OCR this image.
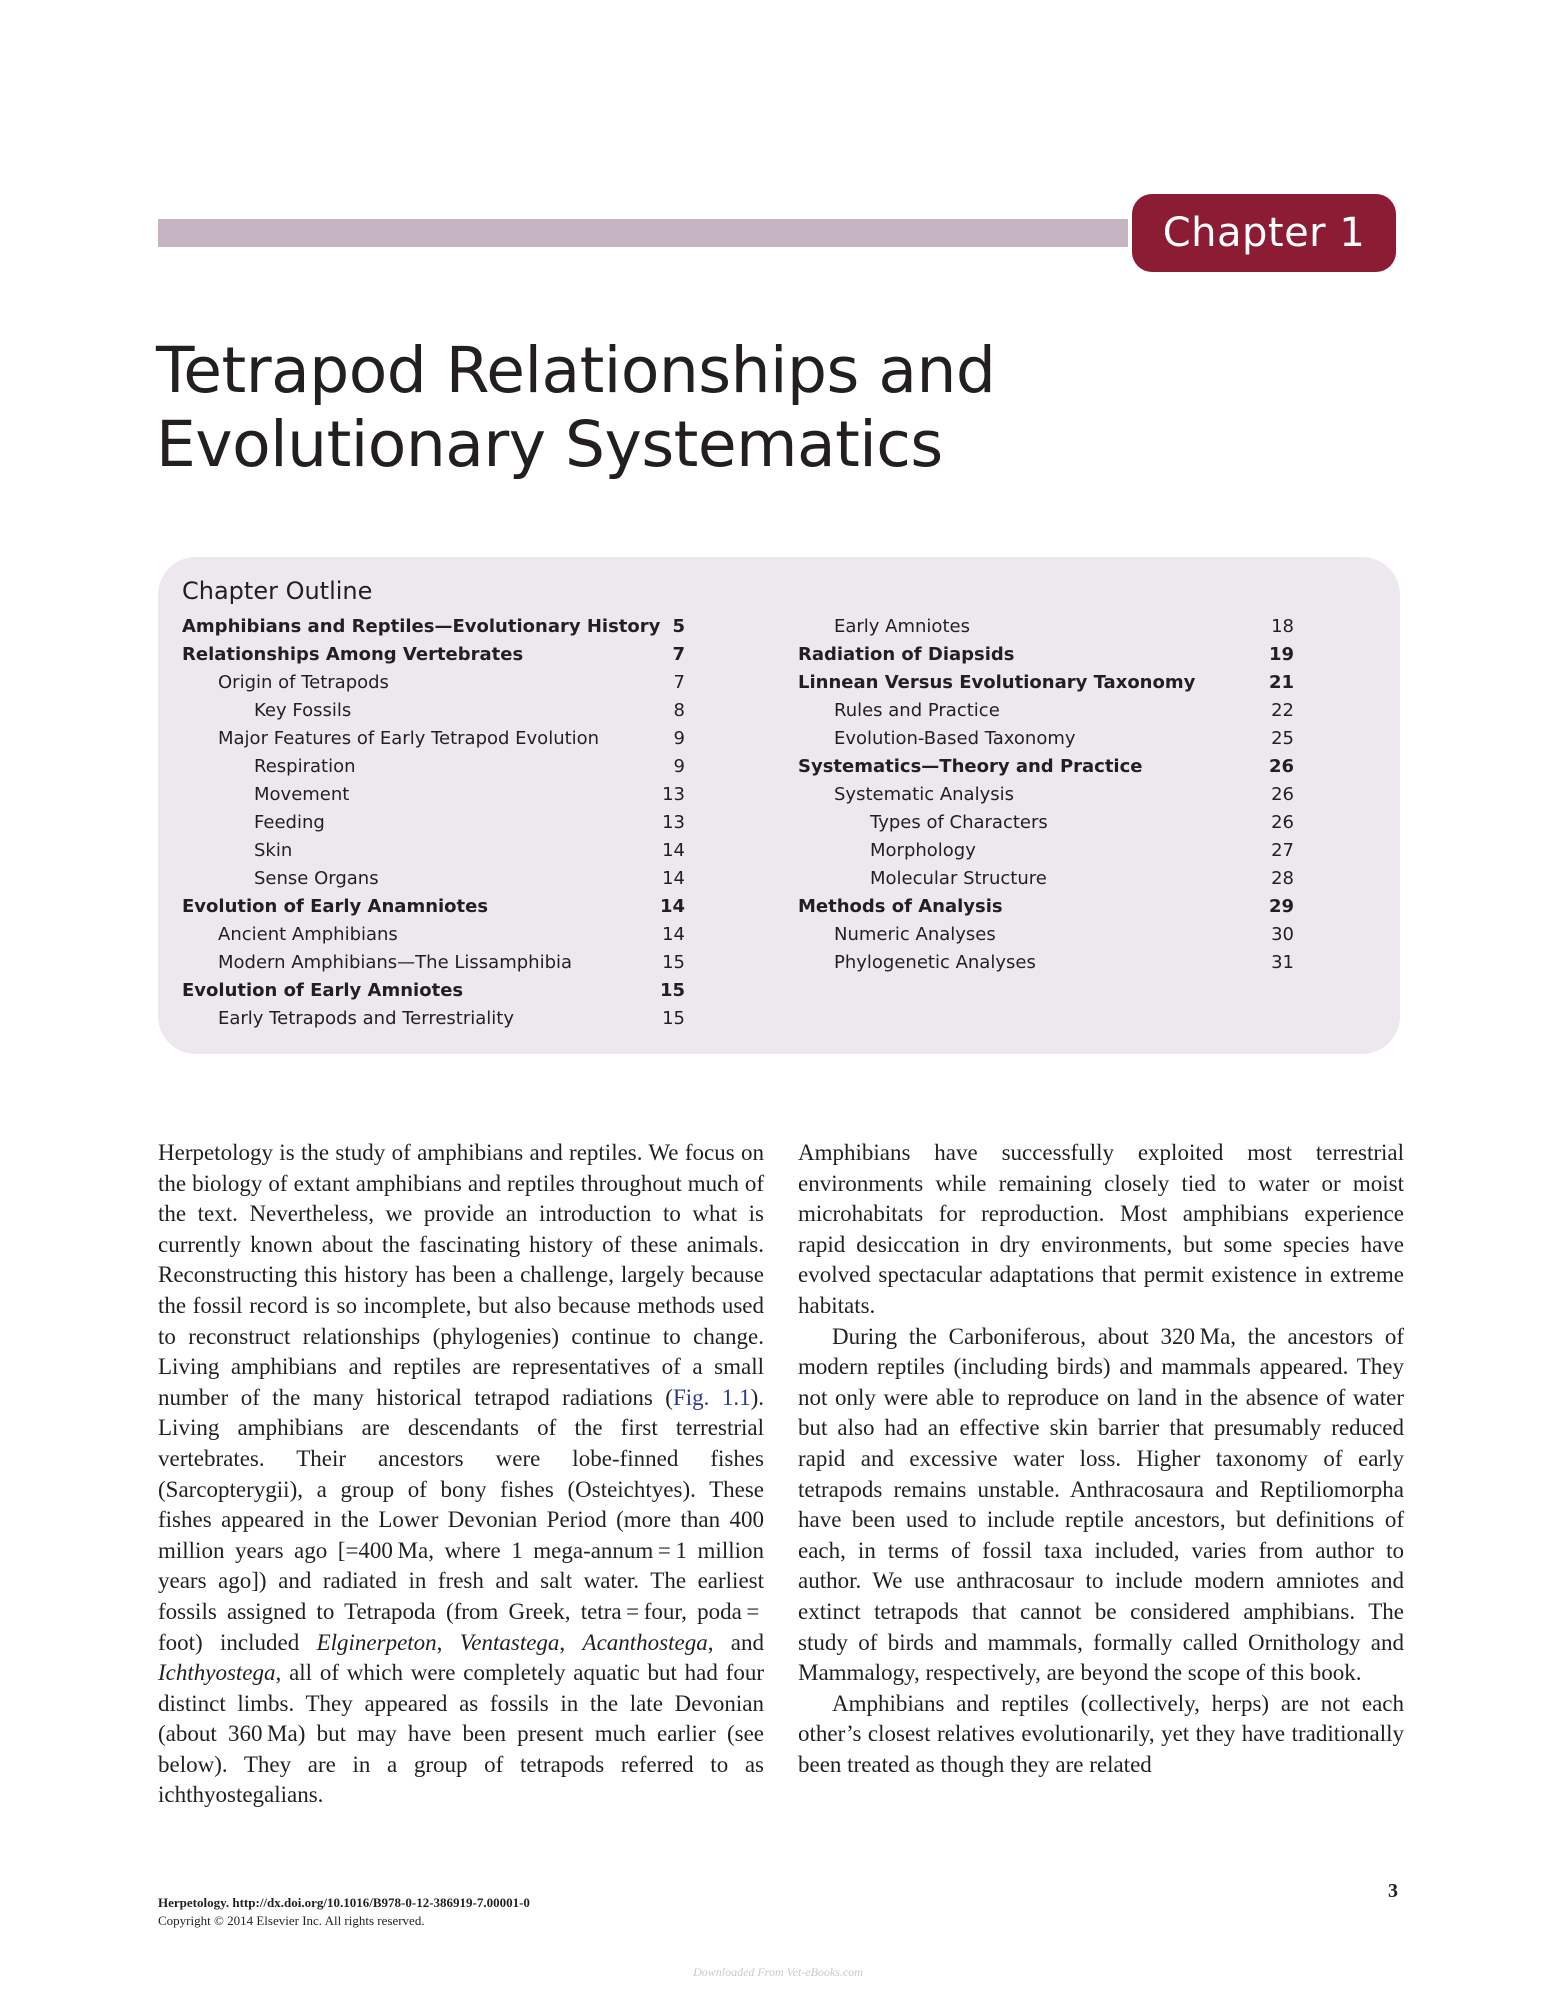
Chapter 1
Tetrapod Relationships and
Evolutionary Systematics
Chapter Outline
Amphibians and Reptiles—Evolutionary History 5
Relationships Among Vertebrates	7
Origin of Tetrapods	7
Key Fossils	8
Major Features of Early Tetrapod Evolution	9
Respiration	9
Movement	13
Feeding	13
Skin	14
Sense Organs	14
Evolution of Early Anamniotes	14
Ancient Amphibians	14
Modern Amphibians—The Lissamphibia	15
Evolution of Early Amniotes	15
Early Tetrapods and Terrestriality	15
Early Amniotes	18
Radiation of Diapsids	19
Linnean Versus Evolutionary Taxonomy	21
Rules and Practice	22
Evolution-Based Taxonomy	25
Systematics—Theory and Practice	26
Systematic Analysis	26
Types of Characters	26
Morphology	27
Molecular Structure	28
Methods of Analysis	29
Numeric Analyses	30
Phylogenetic Analyses	31

Herpetology is the study of amphibians and reptiles. We focus on the biology of extant amphibians and reptiles throughout much of the text. Nevertheless, we provide an introduction to what is currently known about the fascinating history of these animals. Reconstructing this history has been a challenge, largely because the fossil record is so incomplete, but also because methods used to reconstruct relationships (phylogenies) continue to change. Living amphibians and reptiles are representatives of a small number of the many historical tetrapod radiations (Fig. 1.1). Living amphibians are descendants of the first terrestrial vertebrates. Their ancestors were lobe-finned fishes (Sarcopterygii), a group of bony fishes (Osteichtyes). These fishes appeared in the Lower Devonian Period (more than 400 million years ago [=400 Ma, where 1 mega-annum = 1 million years ago]) and radiated in fresh and salt water. The earliest fossils assigned to Tetrapoda (from Greek, tetra = four, poda = foot) included Elginerpeton, Ventastega, Acanthostega, and Ichthyostega, all of which were completely aquatic but had four distinct limbs. They appeared as fossils in the late Devonian (about 360 Ma) but may have been present much earlier (see below). They are in a group of tetrapods referred to as ichthyostegalians.

Amphibians have successfully exploited most terrestrial environments while remaining closely tied to water or moist microhabitats for reproduction. Most amphibians experience rapid desiccation in dry environments, but some species have evolved spectacular adaptations that permit existence in extreme habitats.

During the Carboniferous, about 320 Ma, the ancestors of modern reptiles (including birds) and mammals appeared. They not only were able to reproduce on land in the absence of water but also had an effective skin barrier that presumably reduced rapid and excessive water loss. Higher taxonomy of early tetrapods remains unstable. Anthracosaura and Reptiliomorpha have been used to include reptile ancestors, but definitions of each, in terms of fossil taxa included, varies from author to author. We use anthracosaur to include modern amniotes and extinct tetrapods that cannot be considered amphibians. The study of birds and mammals, formally called Ornithology and Mammalogy, respectively, are beyond the scope of this book.

Amphibians and reptiles (collectively, herps) are not each other’s closest relatives evolutionarily, yet they have traditionally been treated as though they are related

Herpetology. http://dx.doi.org/10.1016/B978-0-12-386919-7.00001-0
Copyright © 2014 Elsevier Inc. All rights reserved.
3
Downloaded From Vet-eBooks.com
